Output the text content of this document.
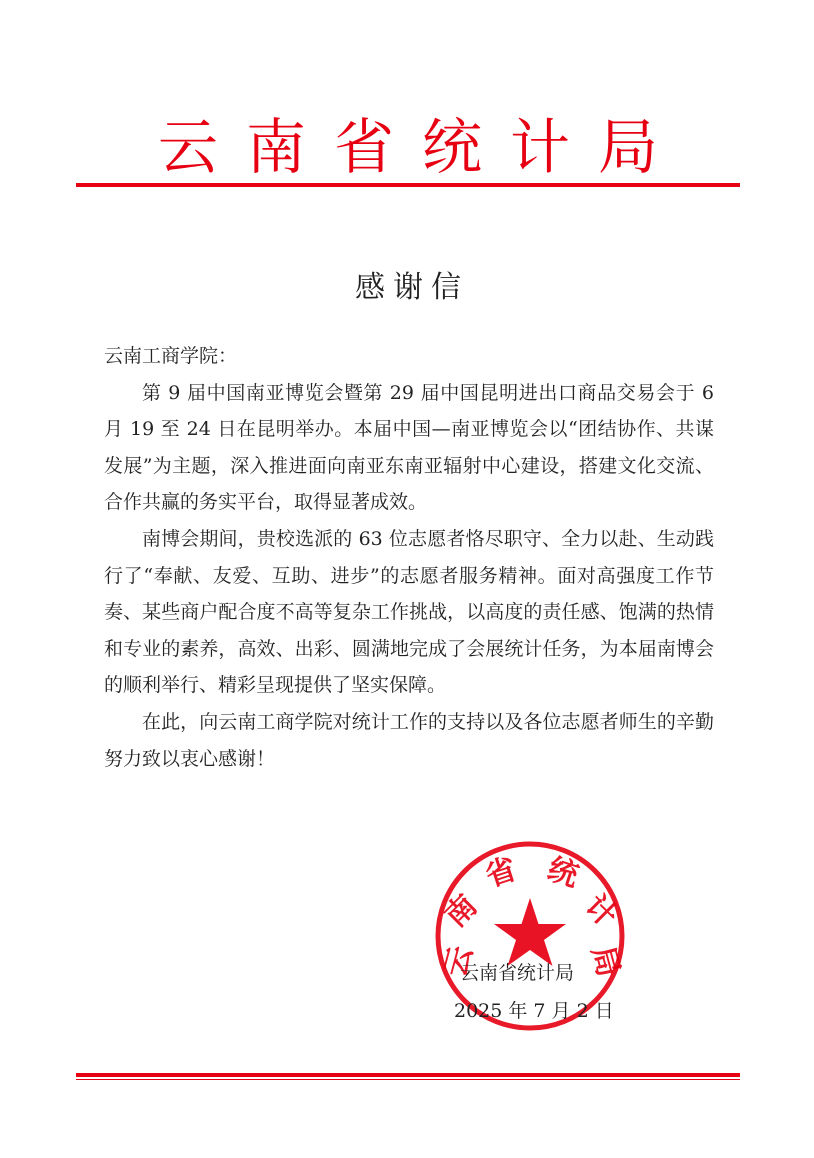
云南省统计局
感谢信

云南工商学院：

第 9 届中国南亚博览会暨第 29 届中国昆明进出口商品交易会于 6 月 19 至 24 日在昆明举办。本届中国—南亚博览会以“团结协作、共谋发展”为主题，深入推进面向南亚东南亚辐射中心建设，搭建文化交流、合作共赢的务实平台，取得显著成效。

南博会期间，贵校选派的 63 位志愿者恪尽职守、全力以赴、生动践行了“奉献、友爱、互助、进步”的志愿者服务精神。面对高强度工作节奏、某些商户配合度不高等复杂工作挑战，以高度的责任感、饱满的热情和专业的素养，高效、出彩、圆满地完成了会展统计任务，为本届南博会的顺利举行、精彩呈现提供了坚实保障。

在此，向云南工商学院对统计工作的支持以及各位志愿者师生的辛勤努力致以衷心感谢！

云
南
省 统
计
局
云南省统计局
2025 年 7 月 2 日
